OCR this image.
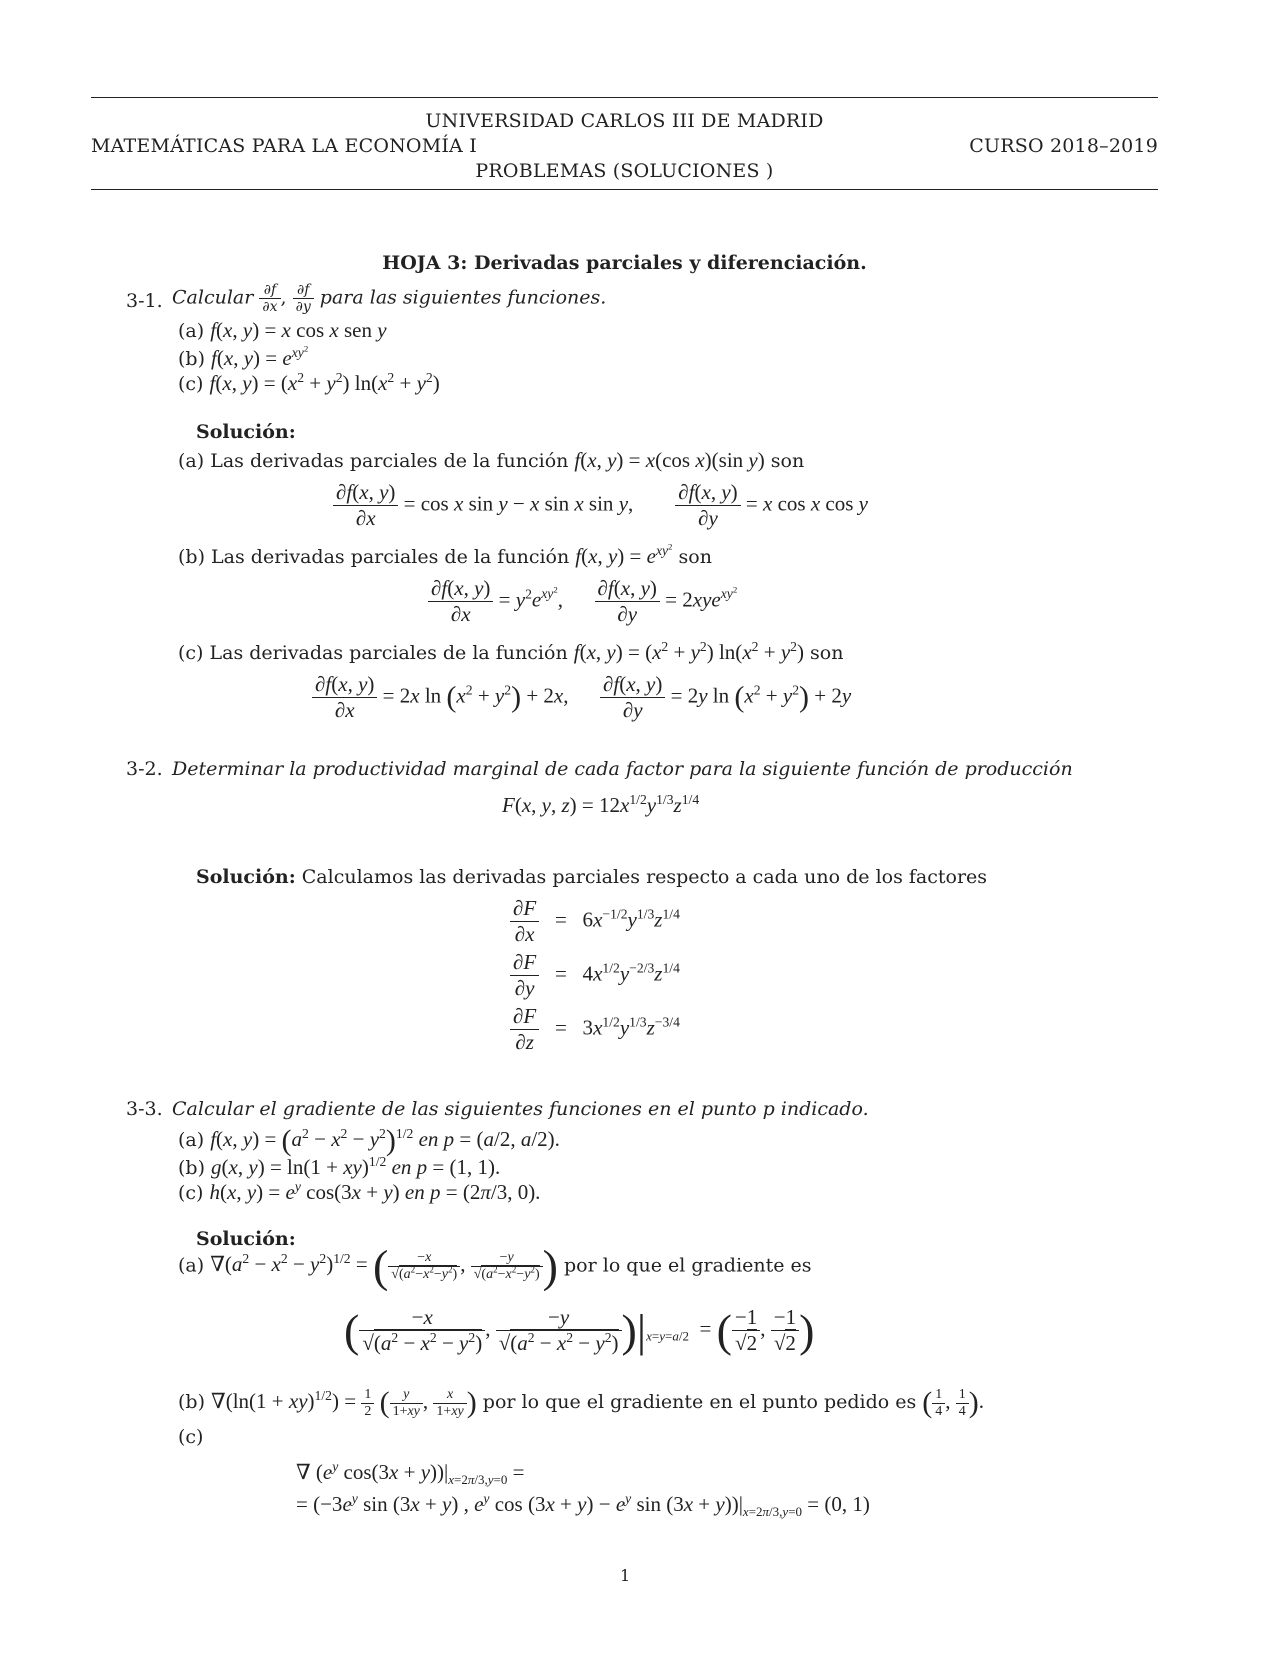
UNIVERSIDAD CARLOS III DE MADRID
MATEMÁTICAS PARA LA ECONOMÍA I	CURSO 2018–2019
PROBLEMAS (SOLUCIONES )
HOJA 3: Derivadas parciales y diferenciación.
3-1. Calcular $\frac{\partial f}{\partial x}$ , $\frac{\partial f}{\partial y}$ para las siguientes funciones.
(a) f(x, y) = x cos x sen y
(b) f(x, $y) = e^{xy^2}$
(c) f(x, $y) = (x^2 + y^2) \ln(x^2 + y^2)$
Solución:
(a) Las derivadas parciales de la función f(x, y) = x(cos x)(sin y) son
$\frac{\partial f(x, y)}{\partial x} = \cos x$ sin y − x sin x sin y, $\frac{\partial f(x, y)}{\partial y} = x$ cos x cos y
(b) Las derivadas parciales de la función f(x, $y) = e^{xy^2}$ son
$\frac{\partial f(x, y)}{\partial x} = y^2e^{xy^2}$, $\frac{\partial f(x, y)}{\partial y} = 2xye^{xy^2}$
(c) Las derivadas parciales de la función f(x, $y) = (x^2 + y^2) \ln(x^2 + y^2)$ son
$\frac{\partial f(x, y)}{\partial x} = 2x$ $\ln (x^2 + y^2) + 2x$, $\frac{\partial f(x, y)}{\partial y} = 2y$ $\ln (x^2 + y^2) + 2y$
3-2. Determinar la productividad marginal de cada factor para la siguiente función de producción
F(x, y, $z) = 12x^{1/2}y^{1/3}z^{1/4}$
Solución: Calculamos las derivadas parciales respecto a cada uno de los factores
$\frac{\partial F}{\partial x} = 6x^{-1/2}y^{1/3}z^{1/4}$
$\frac{\partial F}{\partial y} = 4x^{1/2}y^{-2/3}z^{1/4}$
$\frac{\partial F}{\partial z} = 3x^{1/2}y^{1/3}z^{-3/4}$
3-3. Calcular el gradiente de las siguientes funciones en el punto p indicado.
(a) f(x, $y) = (a^2 - x^2 - y^2)^{1/2}$ en p = (a/2, a/2).
(b) g(x, y) = ln(1 + xy)$^{1/2}$ en p = (1, 1).
(c) h(x, $y) = e^y$ cos(3x + y) en p = (2π/3, 0).
Solución:
(a) $\nabla(a^2 - x^2 - y^2)^{1/2}$ = ( $\frac{-x}{√(a^2-x^2-y^2)}$ , $\frac{-y}{√(a^2-x^2-y^2)}$ ) por lo que el gradiente es
( $\frac{-x}{√(a^2 - x^2 - y^2)}$ , $\frac{-y}{√(a^2 - x^2 - y^2)} )|_{x=y=a/2}$  = ( $\frac{-1}{√2}$ , $\frac{-1}{√2}$ )
(b) $\nabla(\ln(1 + xy)^{1/2}) = \frac{1}{2}$ ( $\frac{y}{1+xy}$ , $\frac{x}{1+xy}$ ) por lo que el gradiente en el punto pedido es ( $\frac{1}{4}$ , $\frac{1}{4}$ ).
(c)
∇ ($e^y$ $\cos(3x + y))|_{x=2\pi/3,y=0}$ =
= ($-3e^y$ sin (3x + y) , $e^y$ $\cos (3x + y) - e^y$ $\sin (3x + y))|_{x=2\pi/3,y=0} = (0$, 1)
1
